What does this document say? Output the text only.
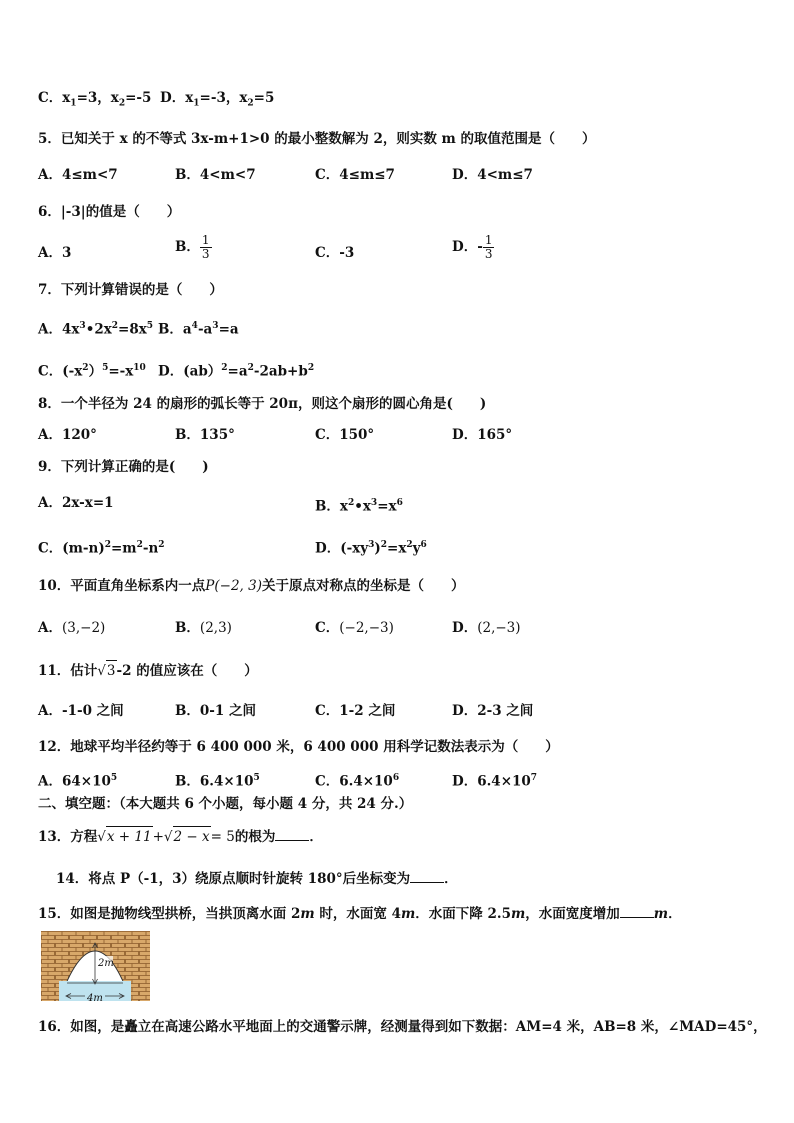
C．$x_1=3$，$x_2=-5$ D．$x_1=-3$，$x_2=5$
5．已知关于 x 的不等式 3x-m+1>0 的最小整数解为 2，则实数 m 的取值范围是（　　）
A．4≤m<7	B．4<m<7	C．4≤m≤7	D．4<m≤7
6．|-3|的值是（　　）
A．3	B． $\frac{1}{3}$	C．-3	D．- $\frac{1}{3}$
7．下列计算错误的是（　　）
A．$4x^3•2x^2=8x^5$ B．$a^4-a^3=a$
C．$(-x^2)^5=-x^{10}$ D．$(ab)^2=a^2-2ab+b^2$
8．一个半径为 24 的扇形的弧长等于 20π，则这个扇形的圆心角是(　　)
A．120°	B．135°	C．150°	D．165°
9．下列计算正确的是(　　)
A．2x-x=1	B．$x^2•x^3=x^6$
C．$(m-n)^2=m^2-n^2$	D．$(-xy^3)^2=x^2y^6$
10．平面直角坐标系内一点P(−2, 3)关于原点对称点的坐标是（　　）
A．(3,−2)	B．(2,3)	C．(−2,−3)	D．(2,−3)
11．估计√3-2 的值应该在（　　）
A．-1-0 之间	B．0-1 之间	C．1-2 之间	D．2-3 之间
12．地球平均半径约等于 6 400 000 米，6 400 000 用科学记数法表示为（　　）
A．$64\times 10^5$	B．$6.4\times 10^5$	C．$6.4\times 10^6$	D．$6.4\times 10^7$
二、填空题：（本大题共 6 个小题，每小题 4 分，共 24 分.）
13．方程√x + 11+√2 − x= 5的根为	．
14．将点 P（-1，3）绕原点顺时针旋转 180°后坐标变为	．
15．如图是抛物线型拱桥，当拱顶离水面 2m 时，水面宽 4m．水面下降 2.5m，水面宽度增加	m．
2m
4m
16．如图，是矗立在高速公路水平地面上的交通警示牌，经测量得到如下数据：AM=4 米，AB=8 米，∠MAD=45°，
